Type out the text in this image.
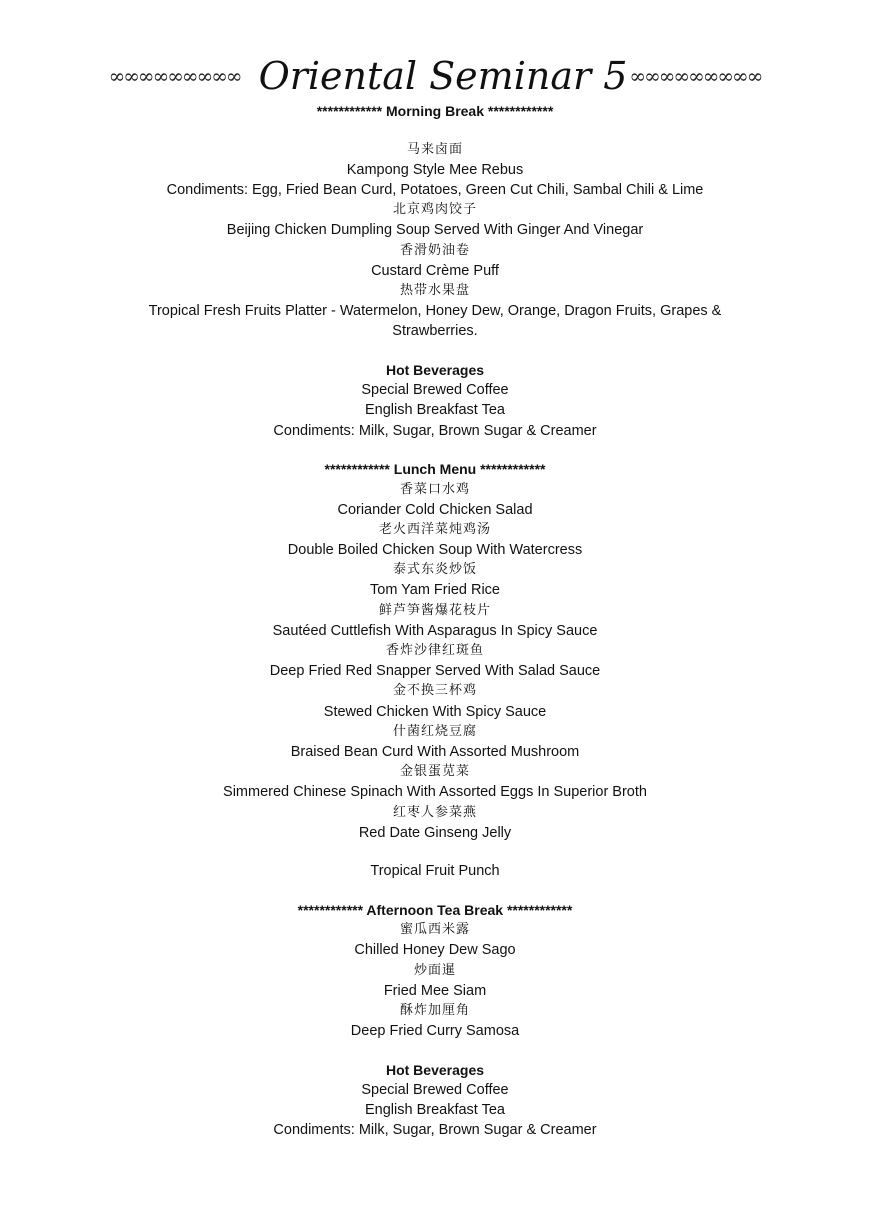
∞∞∞∞∞∞∞∞∞ Oriental Seminar 5 ∞∞∞∞∞∞∞∞∞
************ Morning Break ************
马来卤面
Kampong Style Mee Rebus
Condiments: Egg, Fried Bean Curd, Potatoes, Green Cut Chili, Sambal Chili & Lime
北京鸡肉饺子
Beijing Chicken Dumpling Soup Served With Ginger And Vinegar
香滑奶油卷
Custard Crème Puff
热带水果盘
Tropical Fresh Fruits Platter - Watermelon, Honey Dew, Orange, Dragon Fruits, Grapes & Strawberries.
Hot Beverages
Special Brewed Coffee
English Breakfast Tea
Condiments: Milk, Sugar, Brown Sugar & Creamer
************ Lunch Menu ************
香菜口水鸡
Coriander Cold Chicken Salad
老火西洋菜炖鸡汤
Double Boiled Chicken Soup With Watercress
泰式东炎炒饭
Tom Yam Fried Rice
鲜芦笋酱爆花枝片
Sautéed Cuttlefish With Asparagus In Spicy Sauce
香炸沙律红斑鱼
Deep Fried Red Snapper Served With Salad Sauce
金不换三杯鸡
Stewed Chicken With Spicy Sauce
什菌红烧豆腐
Braised Bean Curd With Assorted Mushroom
金银蛋苋菜
Simmered Chinese Spinach With Assorted Eggs In Superior Broth
红枣人参菜燕
Red Date Ginseng Jelly
Tropical Fruit Punch
************ Afternoon Tea Break ************
蜜瓜西米露
Chilled Honey Dew Sago
炒面暹
Fried Mee Siam
酥炸加厘角
Deep Fried Curry Samosa
Hot Beverages
Special Brewed Coffee
English Breakfast Tea
Condiments: Milk, Sugar, Brown Sugar & Creamer
